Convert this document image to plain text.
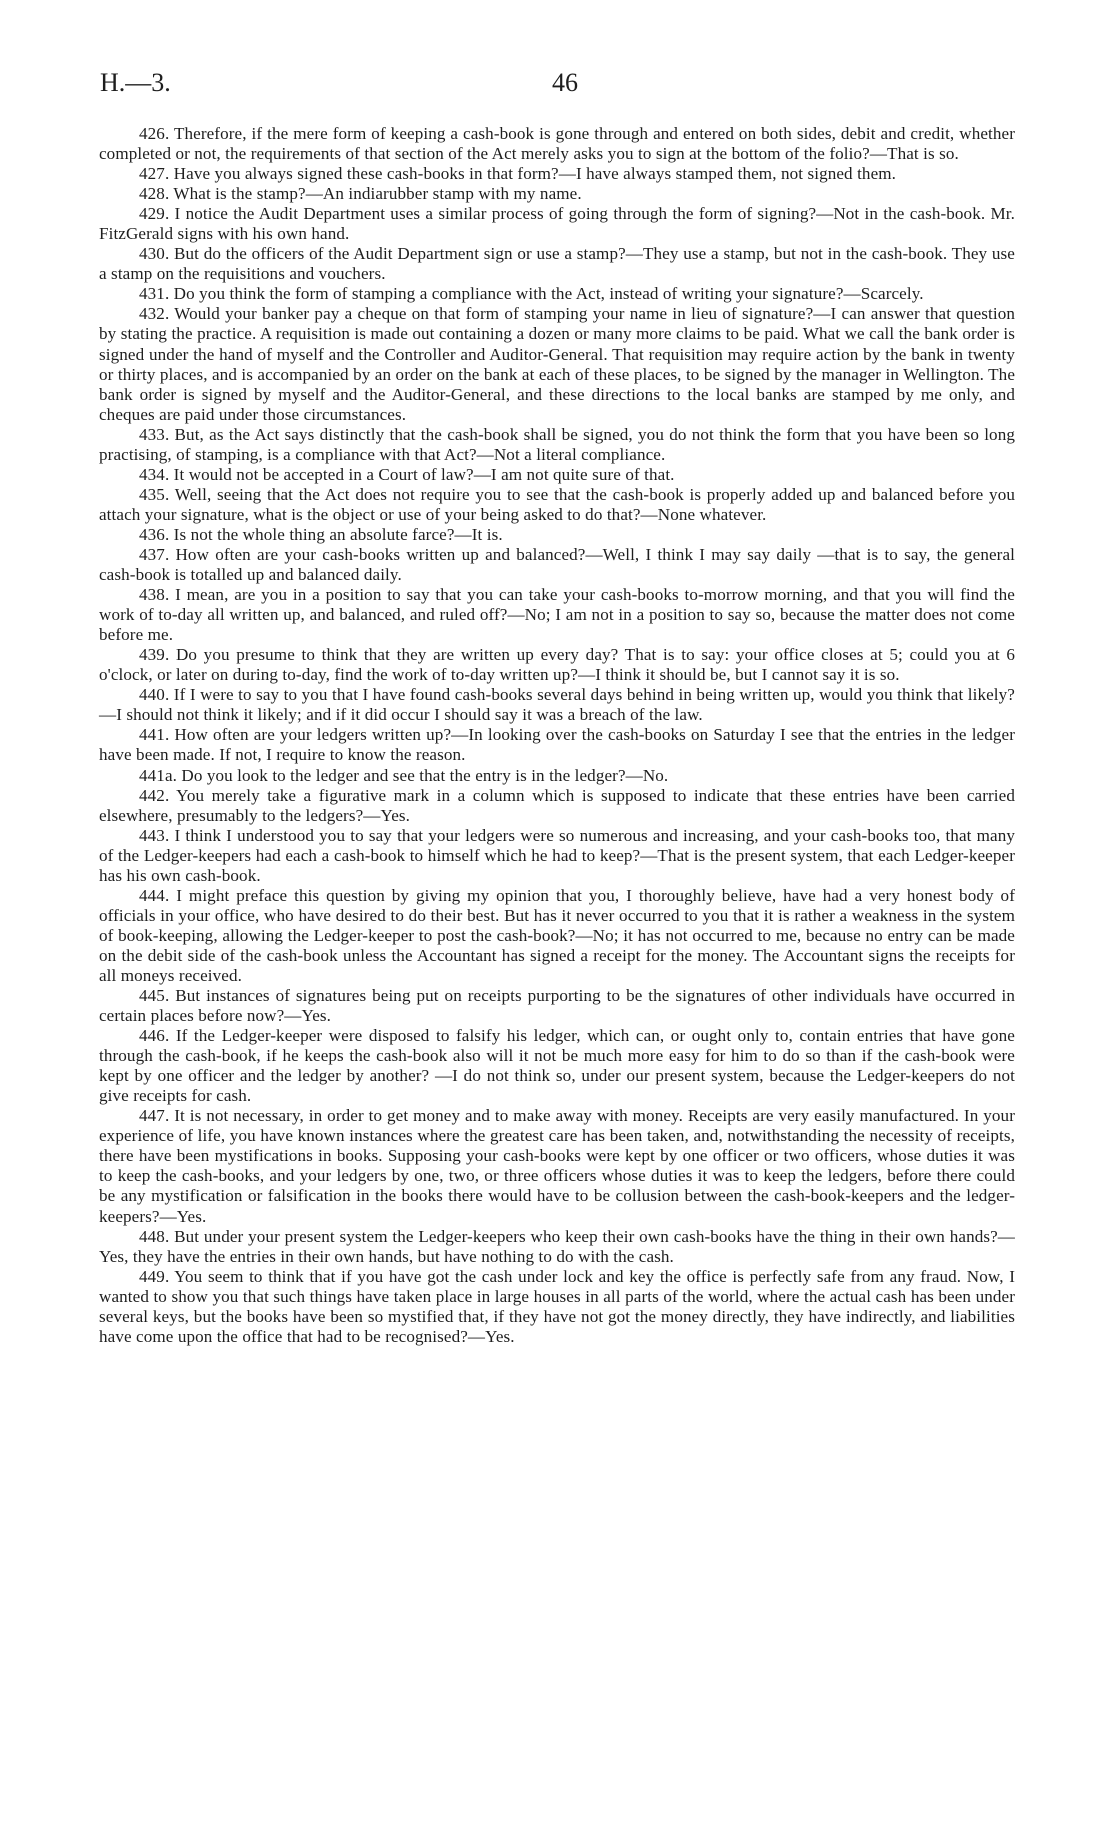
H.—3.	46

426. Therefore, if the mere form of keeping a cash-book is gone through and entered on both sides, debit and credit, whether completed or not, the requirements of that section of the Act merely asks you to sign at the bottom of the folio?—That is so.

427. Have you always signed these cash-books in that form?—I have always stamped them, not signed them.

428. What is the stamp?—An indiarubber stamp with my name.

429. I notice the Audit Department uses a similar process of going through the form of signing?—Not in the cash-book. Mr. FitzGerald signs with his own hand.

430. But do the officers of the Audit Department sign or use a stamp?—They use a stamp, but not in the cash-book. They use a stamp on the requisitions and vouchers.

431. Do you think the form of stamping a compliance with the Act, instead of writing your signature?—Scarcely.

432. Would your banker pay a cheque on that form of stamping your name in lieu of signature?—I can answer that question by stating the practice. A requisition is made out containing a dozen or many more claims to be paid. What we call the bank order is signed under the hand of myself and the Controller and Auditor-General. That requisition may require action by the bank in twenty or thirty places, and is accompanied by an order on the bank at each of these places, to be signed by the manager in Wellington. The bank order is signed by myself and the Auditor-General, and these directions to the local banks are stamped by me only, and cheques are paid under those circumstances.

433. But, as the Act says distinctly that the cash-book shall be signed, you do not think the form that you have been so long practising, of stamping, is a compliance with that Act?—Not a literal compliance.

434. It would not be accepted in a Court of law?—I am not quite sure of that.

435. Well, seeing that the Act does not require you to see that the cash-book is properly added up and balanced before you attach your signature, what is the object or use of your being asked to do that?—None whatever.

436. Is not the whole thing an absolute farce?—It is.

437. How often are your cash-books written up and balanced?—Well, I think I may say daily —that is to say, the general cash-book is totalled up and balanced daily.

438. I mean, are you in a position to say that you can take your cash-books to-morrow morning, and that you will find the work of to-day all written up, and balanced, and ruled off?—No; I am not in a position to say so, because the matter does not come before me.

439. Do you presume to think that they are written up every day? That is to say: your office closes at 5; could you at 6 o'clock, or later on during to-day, find the work of to-day written up?—I think it should be, but I cannot say it is so.

440. If I were to say to you that I have found cash-books several days behind in being written up, would you think that likely?—I should not think it likely; and if it did occur I should say it was a breach of the law.

441. How often are your ledgers written up?—In looking over the cash-books on Saturday I see that the entries in the ledger have been made. If not, I require to know the reason.

441a. Do you look to the ledger and see that the entry is in the ledger?—No.

442. You merely take a figurative mark in a column which is supposed to indicate that these entries have been carried elsewhere, presumably to the ledgers?—Yes.

443. I think I understood you to say that your ledgers were so numerous and increasing, and your cash-books too, that many of the Ledger-keepers had each a cash-book to himself which he had to keep?—That is the present system, that each Ledger-keeper has his own cash-book.

444. I might preface this question by giving my opinion that you, I thoroughly believe, have had a very honest body of officials in your office, who have desired to do their best. But has it never occurred to you that it is rather a weakness in the system of book-keeping, allowing the Ledger-keeper to post the cash-book?—No; it has not occurred to me, because no entry can be made on the debit side of the cash-book unless the Accountant has signed a receipt for the money. The Accountant signs the receipts for all moneys received.

445. But instances of signatures being put on receipts purporting to be the signatures of other individuals have occurred in certain places before now?—Yes.

446. If the Ledger-keeper were disposed to falsify his ledger, which can, or ought only to, contain entries that have gone through the cash-book, if he keeps the cash-book also will it not be much more easy for him to do so than if the cash-book were kept by one officer and the ledger by another? —I do not think so, under our present system, because the Ledger-keepers do not give receipts for cash.

447. It is not necessary, in order to get money and to make away with money. Receipts are very easily manufactured. In your experience of life, you have known instances where the greatest care has been taken, and, notwithstanding the necessity of receipts, there have been mystifications in books. Supposing your cash-books were kept by one officer or two officers, whose duties it was to keep the cash-books, and your ledgers by one, two, or three officers whose duties it was to keep the ledgers, before there could be any mystification or falsification in the books there would have to be collusion between the cash-book-keepers and the ledger-keepers?—Yes.

448. But under your present system the Ledger-keepers who keep their own cash-books have the thing in their own hands?—Yes, they have the entries in their own hands, but have nothing to do with the cash.

449. You seem to think that if you have got the cash under lock and key the office is perfectly safe from any fraud. Now, I wanted to show you that such things have taken place in large houses in all parts of the world, where the actual cash has been under several keys, but the books have been so mystified that, if they have not got the money directly, they have indirectly, and liabilities have come upon the office that had to be recognised?—Yes.
